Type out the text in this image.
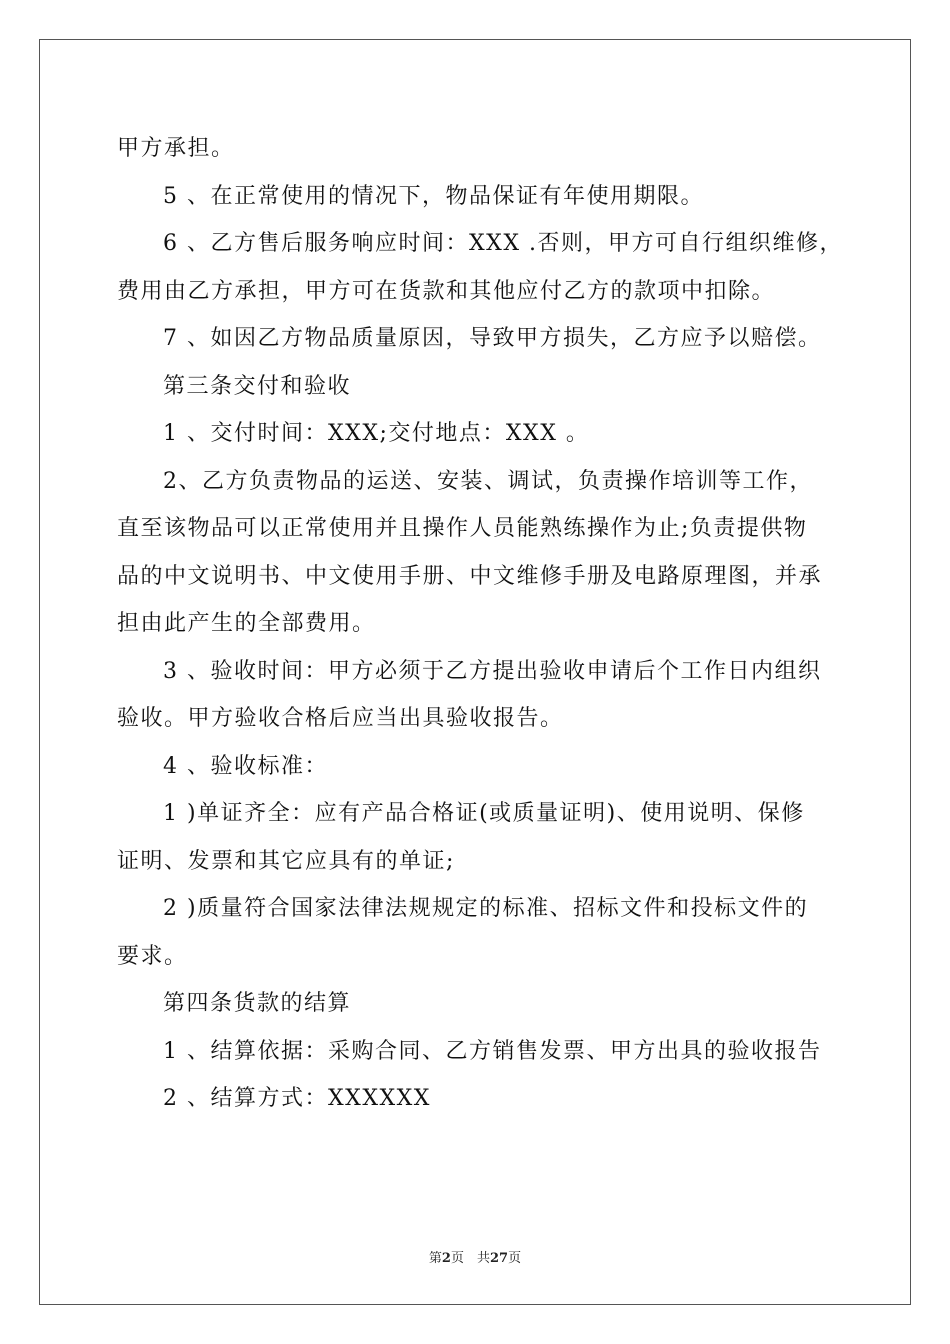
甲方承担。
5 、在正常使用的情况下，物品保证有年使用期限。
6 、乙方售后服务响应时间：XXX .否则，甲方可自行组织维修，
费用由乙方承担，甲方可在货款和其他应付乙方的款项中扣除。
7 、如因乙方物品质量原因，导致甲方损失，乙方应予以赔偿。
第三条交付和验收
1 、交付时间：XXX;交付地点：XXX 。
2、乙方负责物品的运送、安装、调试，负责操作培训等工作，
直至该物品可以正常使用并且操作人员能熟练操作为止;负责提供物
品的中文说明书、中文使用手册、中文维修手册及电路原理图，并承
担由此产生的全部费用。
3 、验收时间：甲方必须于乙方提出验收申请后个工作日内组织
验收。甲方验收合格后应当出具验收报告。
4 、验收标准：
1 )单证齐全：应有产品合格证(或质量证明)、使用说明、保修
证明、发票和其它应具有的单证;
2 )质量符合国家法律法规规定的标准、招标文件和投标文件的
要求。
第四条货款的结算
1 、结算依据：采购合同、乙方销售发票、甲方出具的验收报告
2 、结算方式：XXXXXX
第2页　共27页
